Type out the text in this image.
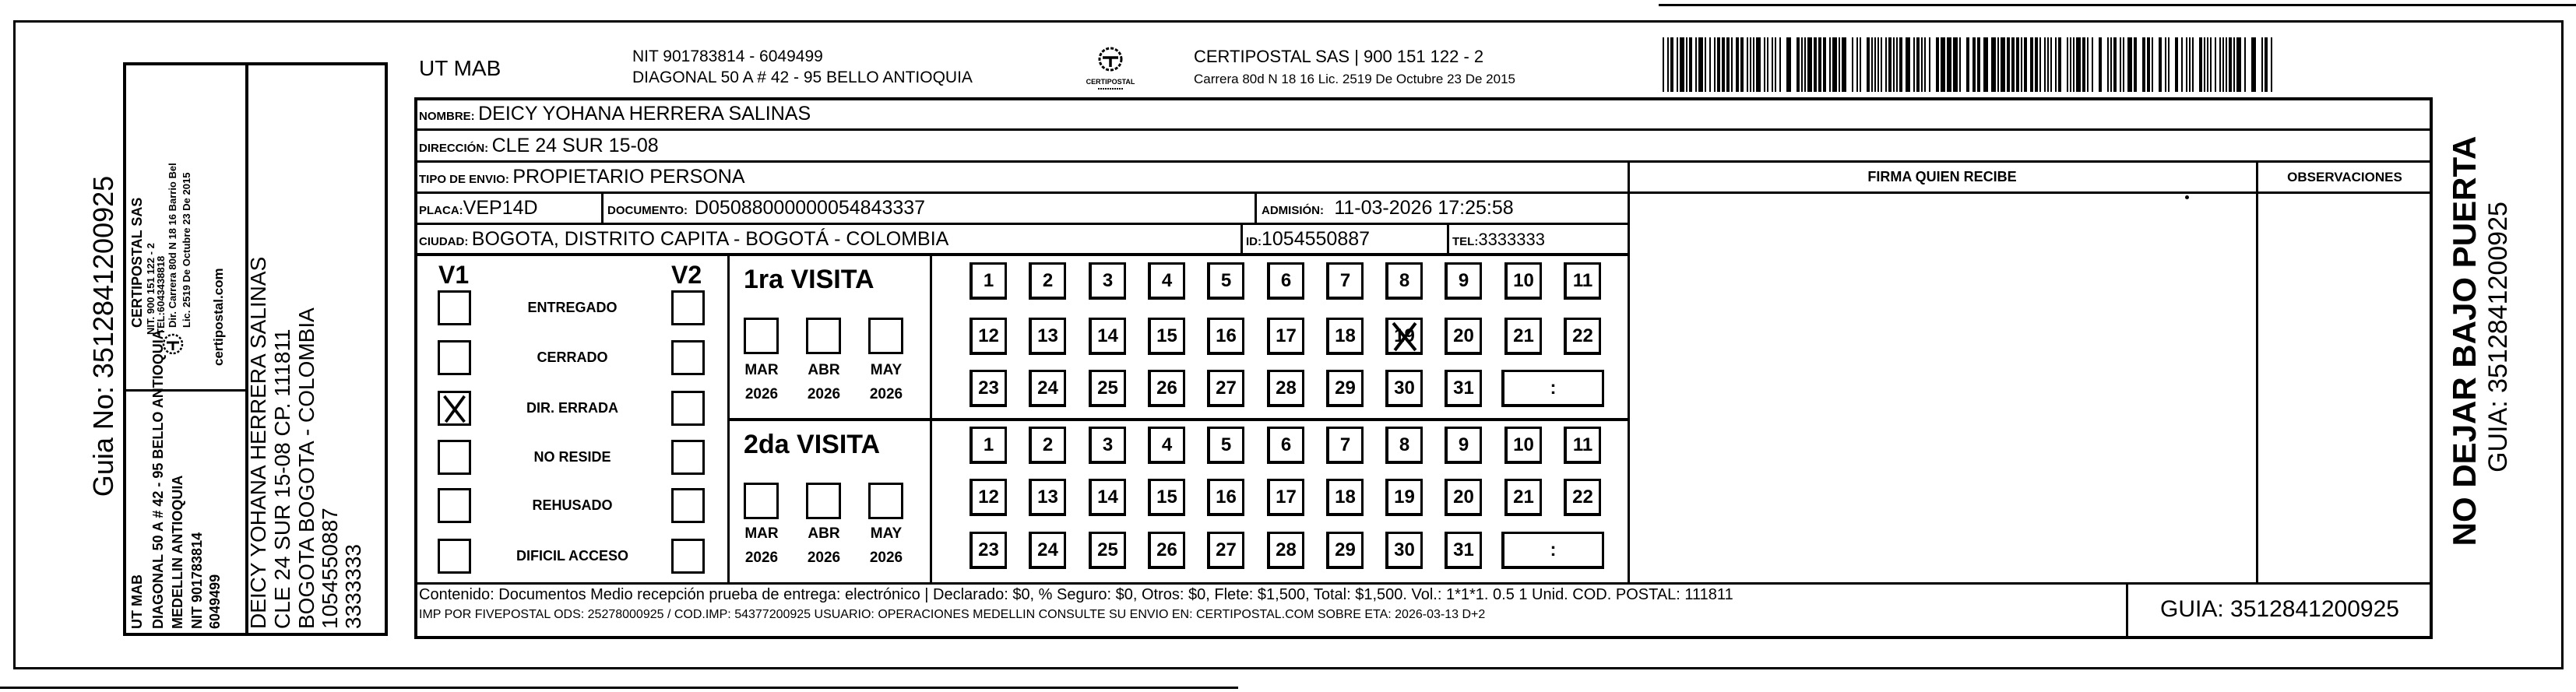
Guia No: 3512841200925
UT MAB DIAGONAL 50 A # 42 - 95 BELLO ANTIOQUIA MEDELLIN ANTIOQUIA NIT 901783814 6049499
CERTIPOSTAL SAS NIT. 900 151 122 - 2
TEL:6043438818 Dir. Carrera 80d N 18 16 Barrio Bel Lic. 2519 De Octubre 23 De 2015 certipostal.com DEICY YOHANA HERRERA SALINAS CLE 24 SUR 15-08 CP. 111811 BOGOTA BOGOTA - COLOMBIA 1054550887 3333333
UT MAB	NIT 901783814 - 6049499
DIAGONAL 50 A # 42 - 95 BELLO ANTIOQUIA	CERTIPOSTAL
CERTIPOSTAL SAS | 900 151 122 - 2
Carrera 80d N 18 16 Lic. 2519 De Octubre 23 De 2015
NOMBRE: DEICY YOHANA HERRERA SALINAS
DIRECCIÓN: CLE 24 SUR 15-08
TIPO DE ENVIO: PROPIETARIO PERSONA
PLACA:VEP14D	DOCUMENTO: D05088000000054843337	ADMISIÓN: 11-03-2026 17:25:58
CIUDAD: BOGOTA, DISTRITO CAPITA - BOGOTÁ - COLOMBIA	ID:1054550887	TEL:3333333
FIRMA QUIEN RECIBE	OBSERVACIONES
V1	V2
ENTREGADO
CERRADO
DIR. ERRADA
NO RESIDE
REHUSADO
DIFICIL ACCESO
1ra VISITA
MAR
2026
ABR
2026
MAY
2026
1	2	3	4	5	6	7	8	9 10 11
12 13 14 15 16 17 18 19 20 21 22
23 24 25 26 27 28 29 30 31	:
2da VISITA
MAR
2026
ABR
2026
MAY
2026
1	2	3	4	5	6	7	8	9 10 11
12 13 14 15 16 17 18 19 20 21 22
23 24 25 26 27 28 29 30 31	:
Contenido: Documentos Medio recepción prueba de entrega: electrónico | Declarado: $0, % Seguro: $0, Otros: $0, Flete: $1,500, Total: $1,500. Vol.: 1*1*1. 0.5 1 Unid. COD. POSTAL: 111811
IMP POR FIVEPOSTAL ODS: 25278000925 / COD.IMP: 54377200925 USUARIO: OPERACIONES MEDELLIN CONSULTE SU ENVIO EN: CERTIPOSTAL.COM SOBRE ETA: 2026-03-13 D+2	GUIA: 3512841200925
NO DEJAR BAJO PUERTA GUIA: 3512841200925
